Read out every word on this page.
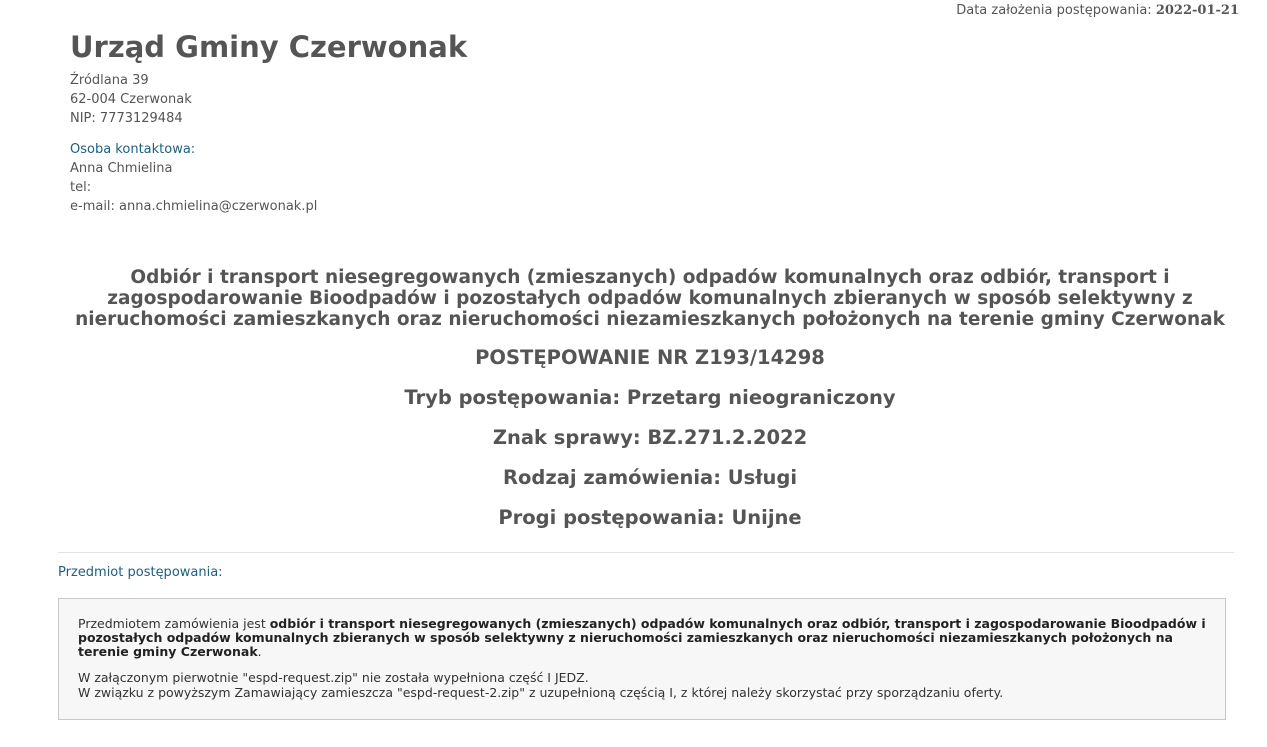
Data założenia postępowania: 2022-01-21
Urząd Gminy Czerwonak
Źródlana 39
62-004 Czerwonak
NIP: 7773129484
Osoba kontaktowa:
Anna Chmielina
tel:
e-mail: anna.chmielina@czerwonak.pl
Odbiór i transport niesegregowanych (zmieszanych) odpadów komunalnych oraz odbiór, transport i
zagospodarowanie Bioodpadów i pozostałych odpadów komunalnych zbieranych w sposób selektywny z
nieruchomości zamieszkanych oraz nieruchomości niezamieszkanych położonych na terenie gminy Czerwonak
POSTĘPOWANIE NR Z193/14298
Tryb postępowania: Przetarg nieograniczony
Znak sprawy: BZ.271.2.2022
Rodzaj zamówienia: Usługi
Progi postępowania: Unijne
Przedmiot postępowania:

Przedmiotem zamówienia jest odbiór i transport niesegregowanych (zmieszanych) odpadów komunalnych oraz odbiór, transport i zagospodarowanie Bioodpadów i pozostałych odpadów komunalnych zbieranych w sposób selektywny z nieruchomości zamieszkanych oraz nieruchomości niezamieszkanych położonych na terenie gminy Czerwonak.

W załączonym pierwotnie "espd-request.zip" nie została wypełniona część I JEDZ.
W związku z powyższym Zamawiający zamieszcza "espd-request-2.zip" z uzupełnioną częścią I, z której należy skorzystać przy sporządzaniu oferty.
